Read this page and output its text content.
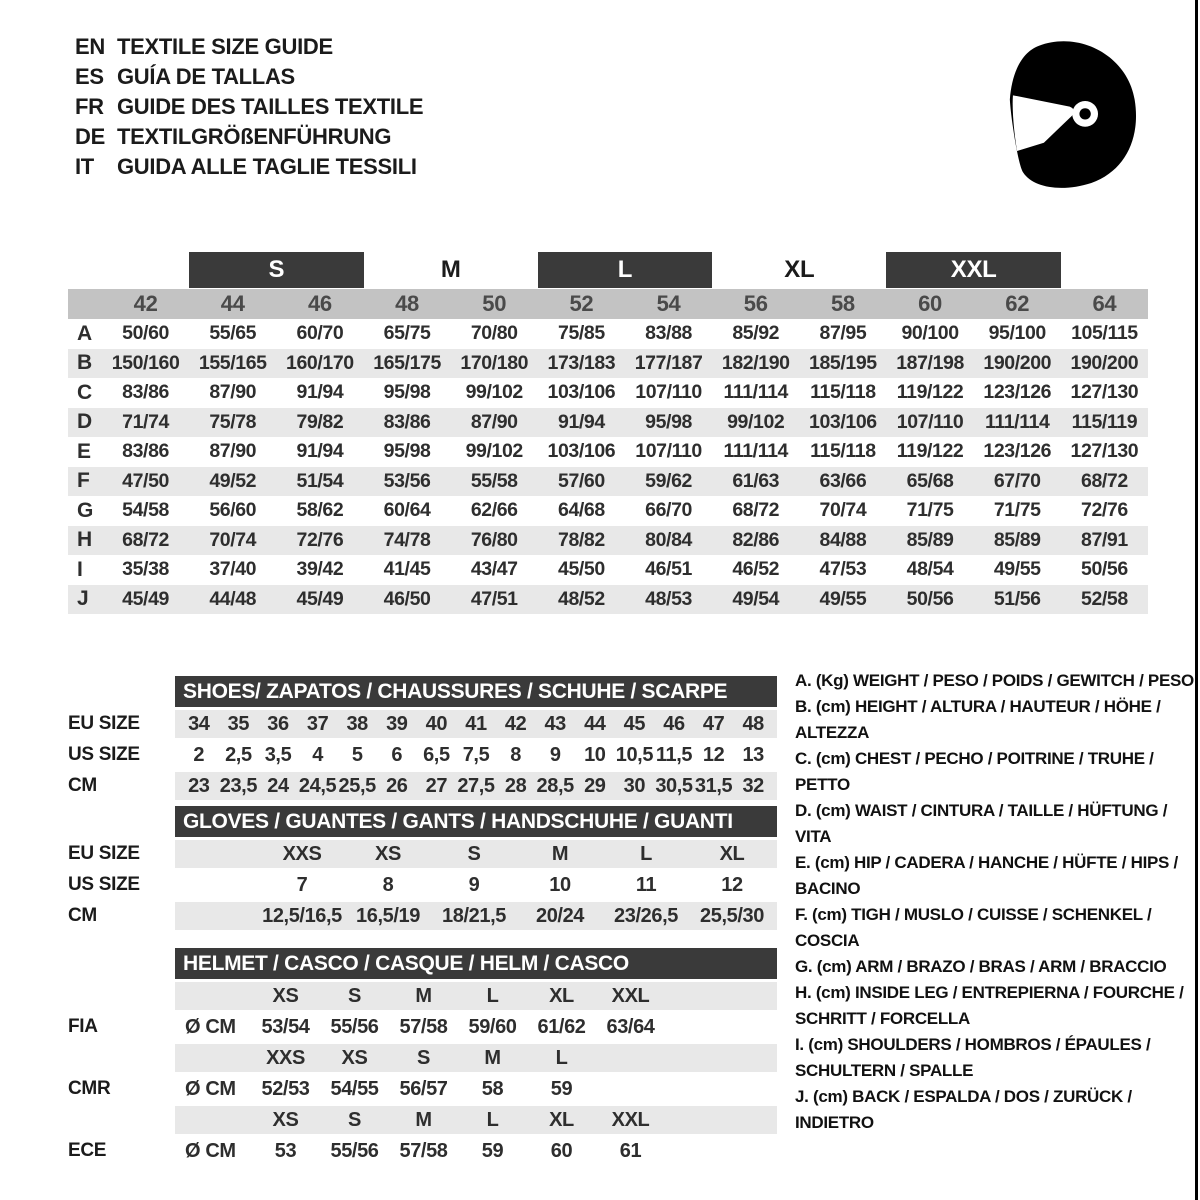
EN TEXTILE SIZE GUIDE
ES GUÍA DE TALLAS
FR GUIDE DES TAILLES TEXTILE
DE TEXTILGRÖßENFÜHRUNG
IT	GUIDA ALLE TAGLIE TESSILI
S	M	L	XL	XXL
42	44	46	48	50	52	54	56	58	60	62	64
A	50/60	55/65	60/70	65/75	70/80	75/85	83/88	85/92	87/95	90/100	95/100	105/115
B	150/160 155/165 160/170 165/175 170/180 173/183 177/187 182/190 185/195 187/198 190/200 190/200
C	83/86	87/90	91/94	95/98	99/102	103/106	107/110	111/114	115/118	119/122	123/126 127/130
D	71/74	75/78	79/82	83/86	87/90	91/94	95/98	99/102	103/106	107/110	111/114	115/119
E	83/86	87/90	91/94	95/98	99/102	103/106	107/110	111/114	115/118	119/122	123/126 127/130
F	47/50	49/52	51/54	53/56	55/58	57/60	59/62	61/63	63/66	65/68	67/70	68/72
G	54/58	56/60	58/62	60/64	62/66	64/68	66/70	68/72	70/74	71/75	71/75	72/76
H	68/72	70/74	72/76	74/78	76/80	78/82	80/84	82/86	84/88	85/89	85/89	87/91
I	35/38	37/40	39/42	41/45	43/47	45/50	46/51	46/52	47/53	48/54	49/55	50/56
J	45/49	44/48	45/49	46/50	47/51	48/52	48/53	49/54	49/55	50/56	51/56	52/58
SHOES/ ZAPATOS / CHAUSSURES / SCHUHE / SCARPE
EU SIZE	34 35 36 37 38 39 40 41 42 43 44 45 46 47 48
US SIZE	2	2,5 3,5	4	5	6	6,5 7,5	8	9	10 10,5 11,5 12 13
CM	23 23,5 24 24,5 25,5 26 27 27,5 28 28,5 29 30 30,5 31,5 32
GLOVES / GUANTES / GANTS / HANDSCHUHE / GUANTI
EU SIZE	XXS	XS	S	M	L	XL
US SIZE	7	8	9	10	11	12
CM	12,5/16,5 16,5/19	18/21,5	20/24	23/26,5	25,5/30
HELMET / CASCO / CASQUE / HELM / CASCO
XS	S	M	L	XL	XXL
FIA	Ø CM	53/54	55/56	57/58	59/60	61/62	63/64
XXS	XS	S	M	L
CMR	Ø CM	52/53	54/55	56/57	58	59
XS	S	M	L	XL	XXL
ECE	Ø CM	53	55/56	57/58	59	60	61
A. (Kg) WEIGHT / PESO / POIDS / GEWITCH / PESO
B. (cm) HEIGHT / ALTURA / HAUTEUR / HÖHE / ALTEZZA
C. (cm) CHEST / PECHO / POITRINE / TRUHE / PETTO
D. (cm) WAIST / CINTURA / TAILLE / HÜFTUNG / VITA
E. (cm) HIP / CADERA / HANCHE / HÜFTE / HIPS / BACINO
F. (cm) TIGH / MUSLO / CUISSE / SCHENKEL / COSCIA
G. (cm) ARM / BRAZO / BRAS / ARM / BRACCIO
H. (cm) INSIDE LEG / ENTREPIERNA / FOURCHE / SCHRITT / FORCELLA
I. (cm) SHOULDERS / HOMBROS / ÉPAULES / SCHULTERN / SPALLE
J. (cm) BACK / ESPALDA / DOS / ZURÜCK / INDIETRO
